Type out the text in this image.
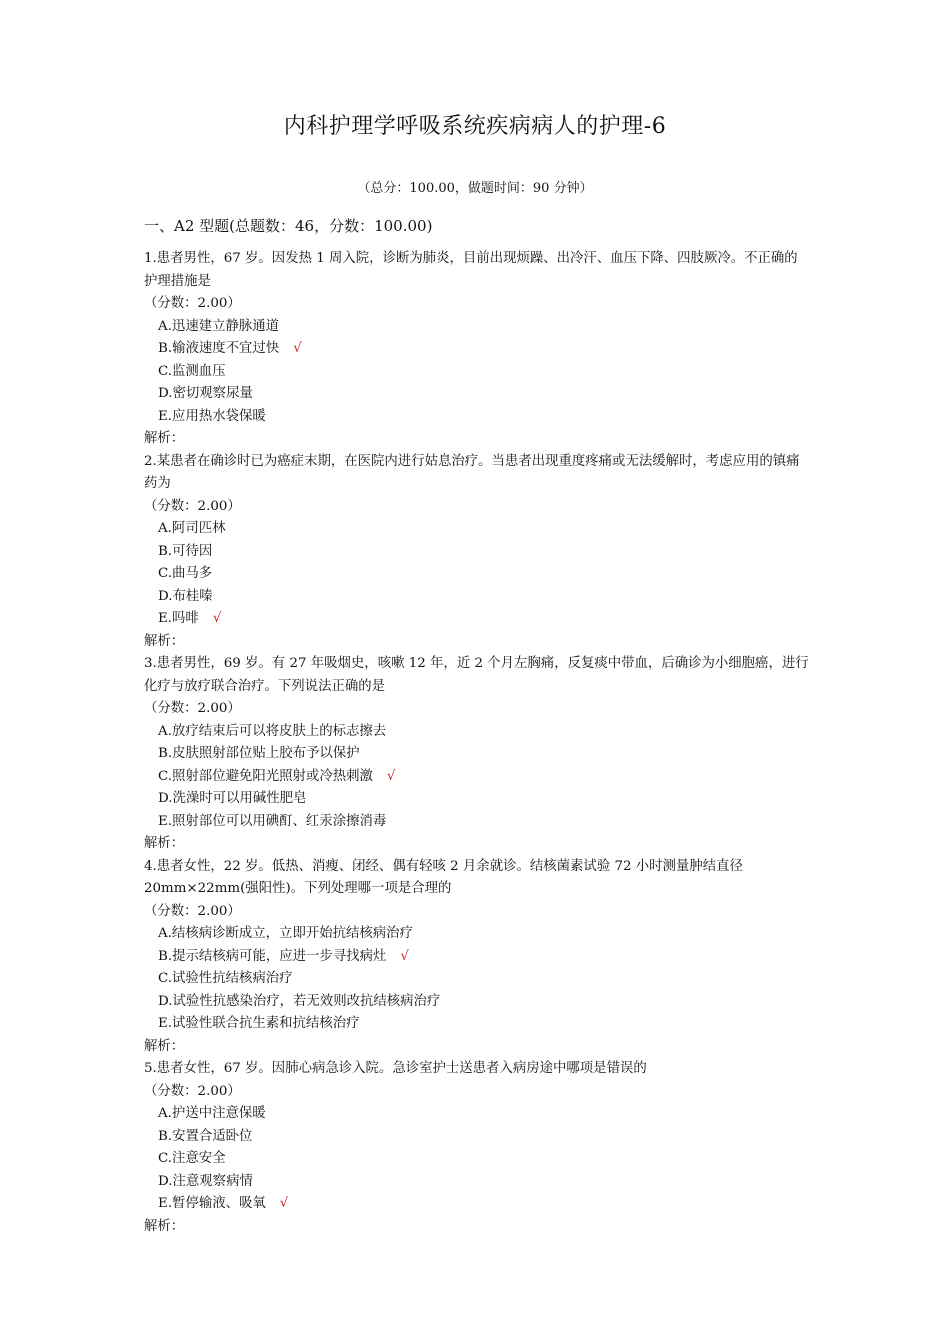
内科护理学呼吸系统疾病病人的护理-6
（总分：100.00，做题时间：90 分钟）
一、A2 型题(总题数：46，分数：100.00)

1.患者男性，67 岁。因发热 1 周入院，诊断为肺炎，目前出现烦躁、出冷汗、血压下降、四肢厥冷。不正确的护理措施是

（分数：2.00）

A.迅速建立静脉通道

B.输液速度不宜过快 √

C.监测血压

D.密切观察尿量

E.应用热水袋保暖

解析：

2.某患者在确诊时已为癌症末期，在医院内进行姑息治疗。当患者出现重度疼痛或无法缓解时，考虑应用的镇痛药为

（分数：2.00）

A.阿司匹林

B.可待因

C.曲马多

D.布桂嗪

E.吗啡 √

解析：

3.患者男性，69 岁。有 27 年吸烟史，咳嗽 12 年，近 2 个月左胸痛，反复痰中带血，后确诊为小细胞癌，进行化疗与放疗联合治疗。下列说法正确的是

（分数：2.00）

A.放疗结束后可以将皮肤上的标志擦去

B.皮肤照射部位贴上胶布予以保护

C.照射部位避免阳光照射或冷热刺激 √

D.洗澡时可以用碱性肥皂

E.照射部位可以用碘酊、红汞涂擦消毒

解析：

4.患者女性，22 岁。低热、消瘦、闭经、偶有轻咳 2 月余就诊。结核菌素试验 72 小时测量肿结直径 20mm×22mm(强阳性)。下列处理哪一项是合理的

（分数：2.00）

A.结核病诊断成立，立即开始抗结核病治疗

B.提示结核病可能，应进一步寻找病灶 √

C.试验性抗结核病治疗

D.试验性抗感染治疗，若无效则改抗结核病治疗

E.试验性联合抗生素和抗结核治疗

解析：

5.患者女性，67 岁。因肺心病急诊入院。急诊室护士送患者入病房途中哪项是错误的

（分数：2.00）

A.护送中注意保暖

B.安置合适卧位

C.注意安全

D.注意观察病情

E.暂停输液、吸氧 √

解析：
